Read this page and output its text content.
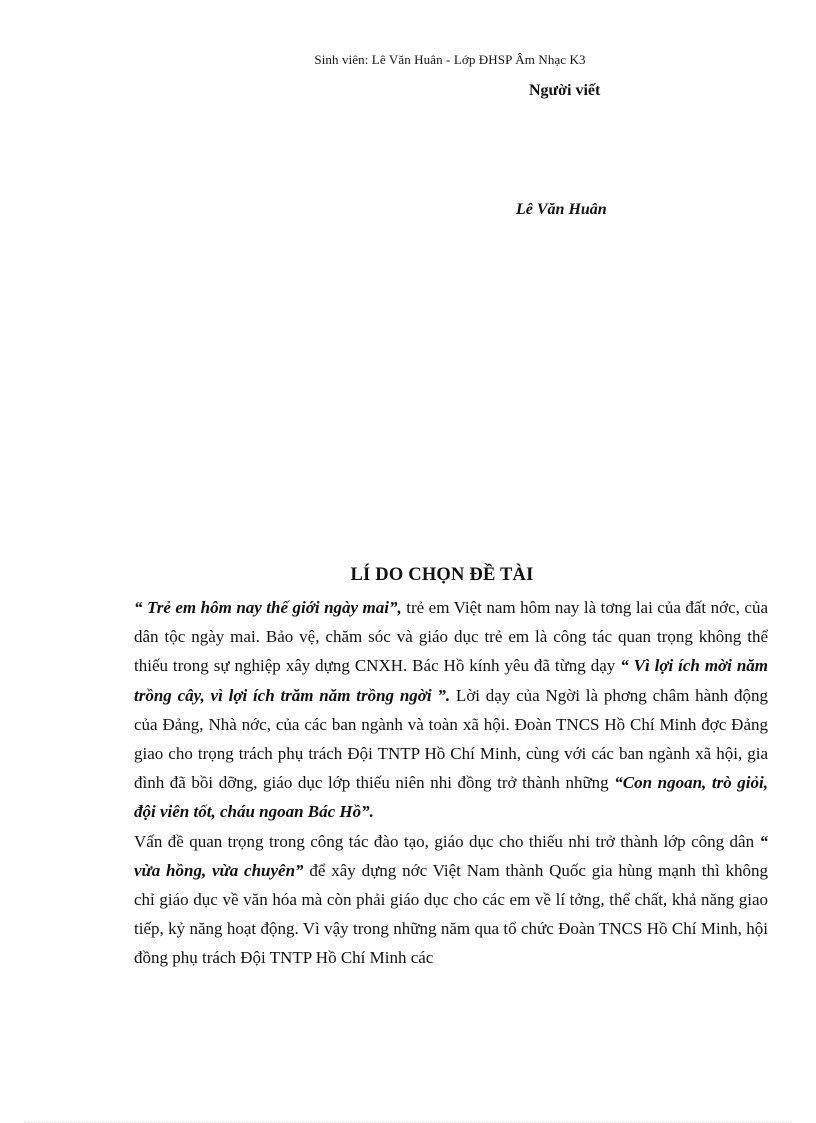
Sinh viên: Lê Văn Huân - Lớp ĐHSP Âm Nhạc K3
Người viết
Lê Văn Huân
LÍ DO CHỌN ĐỀ TÀI

“ Trẻ em hôm nay thế giới ngày mai”, trẻ em Việt nam hôm nay là tơng lai của đất nớc, của dân tộc ngày mai. Bảo vệ, chăm sóc và giáo dục trẻ em là công tác quan trọng không thể thiếu trong sự nghiệp xây dựng CNXH. Bác Hồ kính yêu đã từng dạy “ Vì lợi ích mời năm trồng cây, vì lợi ích trăm năm trồng ngời ”. Lời dạy của Ngời là phơng châm hành động của Đảng, Nhà nớc, của các ban ngành và toàn xã hội. Đoàn TNCS Hồ Chí Minh đợc Đảng giao cho trọng trách phụ trách Đội TNTP Hồ Chí Minh, cùng với các ban ngành xã hội, gia đình đã bồi dỡng, giáo dục lớp thiếu niên nhi đồng trở thành những “Con ngoan, trò giỏi, đội viên tốt, cháu ngoan Bác Hồ”.

Vấn đề quan trọng trong công tác đào tạo, giáo dục cho thiếu nhi trở thành lớp công dân “ vừa hồng, vừa chuyên” để xây dựng nớc Việt Nam thành Quốc gia hùng mạnh thì không chỉ giáo dục về văn hóa mà còn phải giáo dục cho các em về lí tởng, thể chất, khả năng giao tiếp, kỷ năng hoạt động. Vì vậy trong những năm qua tổ chức Đoàn TNCS Hồ Chí Minh, hội đồng phụ trách Đội TNTP Hồ Chí Minh các
